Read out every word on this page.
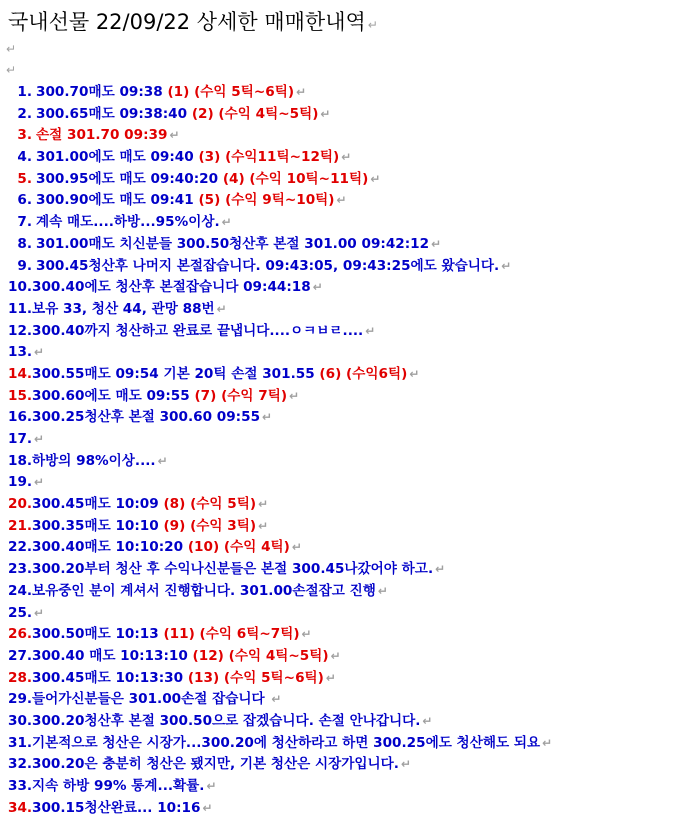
국내선물 22/09/22 상세한 매매한내역 ↵
↵
↵
1. 300.70매도 09:38 (1) (수익 5틱~6틱) ↵
2. 300.65매도 09:38:40 (2) (수익 4틱~5틱) ↵
3. 손절 301.70 09:39 ↵
4. 301.00에도 매도 09:40 (3) (수익11틱~12틱) ↵
5. 300.95에도 매도 09:40:20 (4) (수익 10틱~11틱) ↵
6. 300.90에도 매도 09:41 (5) (수익 9틱~10틱) ↵
7. 계속 매도....하방...95%이상. ↵
8. 301.00매도 치신분들 300.50청산후 본절 301.00 09:42:12 ↵
9. 300.45청산후 나머지 본절잡습니다. 09:43:05, 09:43:25에도 왔습니다. ↵
10.300.40에도 청산후 본절잡습니다 09:44:18 ↵
11.보유 33, 청산 44, 관망 88번 ↵
12.300.40까지 청산하고 완료로 끝냅니다....ㅇㅋㅂㄹ.... ↵
13. ↵
14.300.55매도 09:54 기본 20틱 손절 301.55 (6) (수익6틱) ↵
15.300.60에도 매도 09:55 (7) (수익 7틱) ↵
16.300.25청산후 본절 300.60 09:55 ↵
17. ↵
18.하방의 98%이상.... ↵
19. ↵
20.300.45매도 10:09 (8) (수익 5틱) ↵
21.300.35매도 10:10 (9) (수익 3틱) ↵
22.300.40매도 10:10:20 (10) (수익 4틱) ↵
23.300.20부터 청산 후 수익나신분들은 본절 300.45나갔어야 하고. ↵
24.보유중인 분이 계셔서 진행합니다. 301.00손절잡고 진행 ↵
25. ↵
26.300.50매도 10:13 (11) (수익 6틱~7틱) ↵
27.300.40 매도 10:13:10 (12) (수익 4틱~5틱) ↵
28.300.45매도 10:13:30 (13) (수익 5틱~6틱) ↵
29.들어가신분들은 301.00손절 잡습니다 ↵
30.300.20청산후 본절 300.50으로 잡겠습니다. 손절 안나갑니다. ↵
31.기본적으로 청산은 시장가...300.20에 청산하라고 하면 300.25에도 청산해도 되요 ↵
32.300.20은 충분히 청산은 됐지만, 기본 청산은 시장가입니다. ↵
33.지속 하방 99% 통계...확률. ↵
34.300.15청산완료... 10:16 ↵
